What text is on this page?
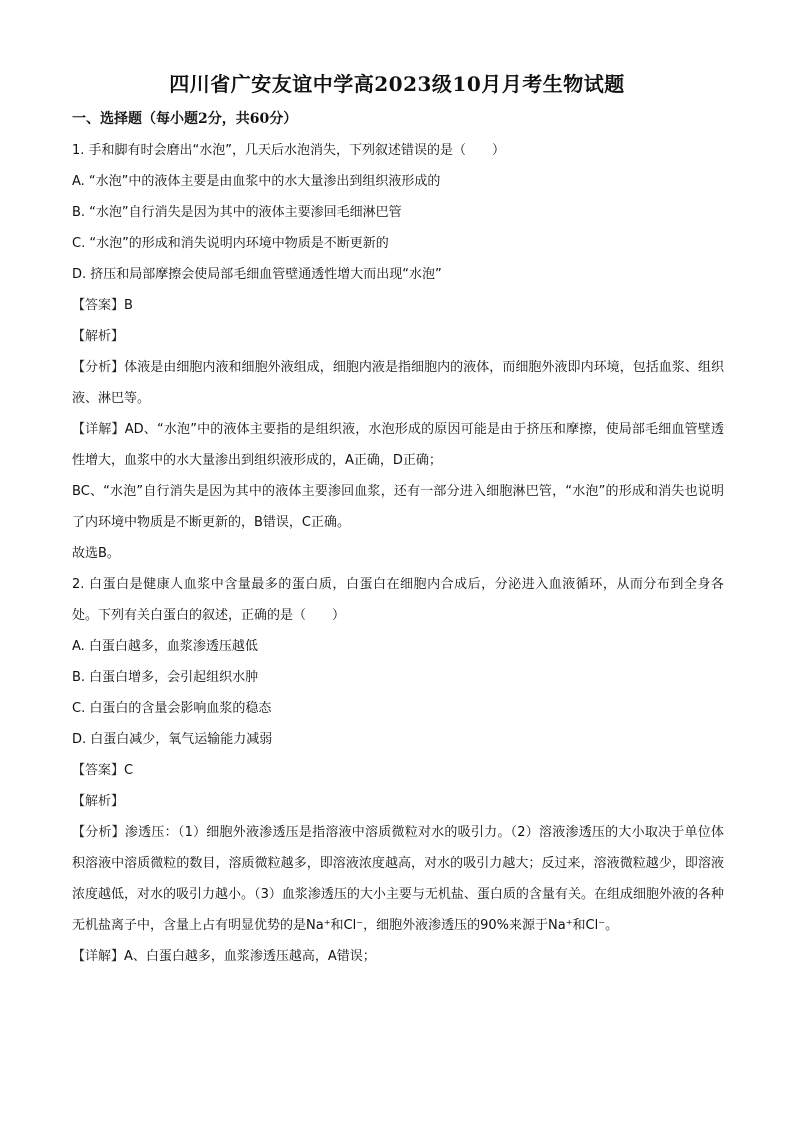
四川省广安友谊中学高2023级10月月考生物试题

一、选择题（每小题2分，共60分）

1. 手和脚有时会磨出“水泡”，几天后水泡消失，下列叙述错误的是（　　）

A. “水泡”中的液体主要是由血浆中的水大量渗出到组织液形成的

B. “水泡”自行消失是因为其中的液体主要渗回毛细淋巴管

C. “水泡”的形成和消失说明内环境中物质是不断更新的

D. 挤压和局部摩擦会使局部毛细血管壁通透性增大而出现“水泡”

【答案】B

【解析】

【分析】体液是由细胞内液和细胞外液组成，细胞内液是指细胞内的液体，而细胞外液即内环境，包括血浆、组织液、淋巴等。

【详解】AD、“水泡”中的液体主要指的是组织液，水泡形成的原因可能是由于挤压和摩擦，使局部毛细血管壁透性增大，血浆中的水大量渗出到组织液形成的，A正确，D正确；

BC、“水泡”自行消失是因为其中的液体主要渗回血浆，还有一部分进入细胞淋巴管，“水泡”的形成和消失也说明了内环境中物质是不断更新的，B错误，C正确。

故选B。

2. 白蛋白是健康人血浆中含量最多的蛋白质，白蛋白在细胞内合成后，分泌进入血液循环，从而分布到全身各处。下列有关白蛋白的叙述，正确的是（　　）

A. 白蛋白越多，血浆渗透压越低

B. 白蛋白增多，会引起组织水肿

C. 白蛋白的含量会影响血浆的稳态

D. 白蛋白减少，氧气运输能力减弱

【答案】C

【解析】

【分析】渗透压：（1）细胞外液渗透压是指溶液中溶质微粒对水的吸引力。（2）溶液渗透压的大小取决于单位体积溶液中溶质微粒的数目，溶质微粒越多，即溶液浓度越高，对水的吸引力越大；反过来，溶液微粒越少，即溶液浓度越低，对水的吸引力越小。（3）血浆渗透压的大小主要与无机盐、蛋白质的含量有关。在组成细胞外液的各种无机盐离子中，含量上占有明显优势的是Na⁺和Cl⁻，细胞外液渗透压的90%来源于Na⁺和Cl⁻。

【详解】A、白蛋白越多，血浆渗透压越高，A错误；
